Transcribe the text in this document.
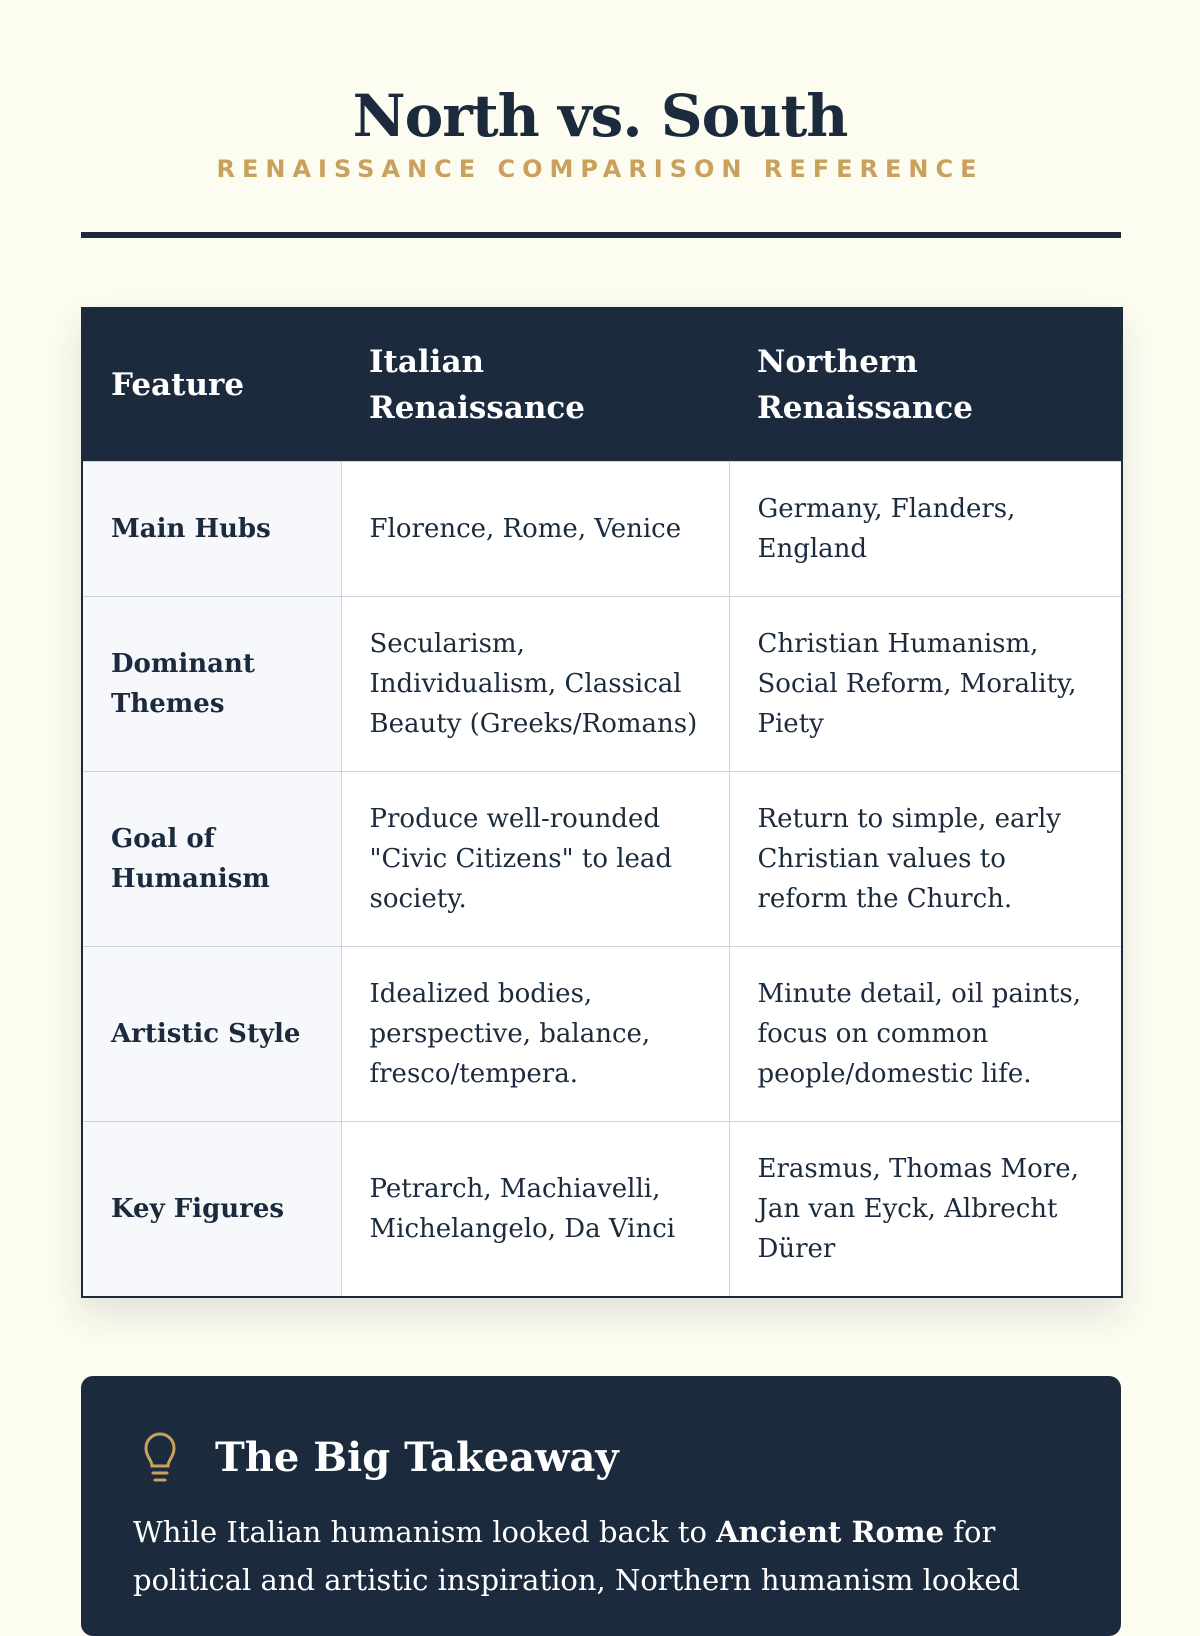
North vs. South
RENAISSANCE COMPARISON REFERENCE
Feature	Italian Renaissance	Northern Renaissance
Main Hubs	Florence, Rome, Venice	Germany, Flanders, England
Dominant Themes	Secularism, Individualism, Classical Beauty (Greeks/Romans)	Christian Humanism, Social Reform, Morality, Piety
Goal of Humanism	Produce well-rounded "Civic Citizens" to lead society.	Return to simple, early Christian values to reform the Church.
Artistic Style	Idealized bodies, perspective, balance, fresco/tempera.	Minute detail, oil paints, focus on common people/domestic life.
Key Figures	Petrarch, Machiavelli, Michelangelo, Da Vinci	Erasmus, Thomas More, Jan van Eyck, Albrecht Dürer
The Big Takeaway
While Italian humanism looked back to Ancient Rome for political and artistic inspiration, Northern humanism looked
